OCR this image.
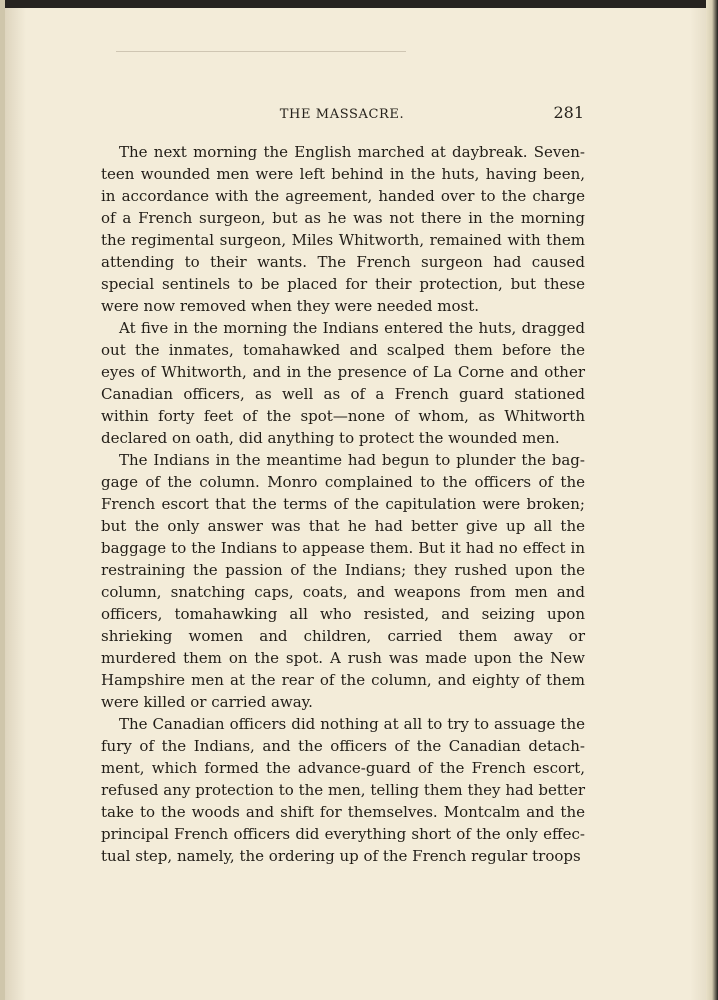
THE MASSACRE.	281

The next morning the English marched at daybreak. Seventeen wounded men were left behind in the huts, having been, in accordance with the agreement, handed over to the charge of a French surgeon, but as he was not there in the morning the regimental surgeon, Miles Whitworth, remained with them attending to their wants. The French surgeon had caused special sentinels to be placed for their protection, but these were now removed when they were needed most.

At five in the morning the Indians entered the huts, dragged out the inmates, tomahawked and scalped them before the eyes of Whitworth, and in the presence of La Corne and other Canadian officers, as well as of a French guard stationed within forty feet of the spot—none of whom, as Whitworth declared on oath, did anything to protect the wounded men.

The Indians in the meantime had begun to plunder the baggage of the column. Monro complained to the officers of the French escort that the terms of the capitulation were broken; but the only answer was that he had better give up all the baggage to the Indians to appease them. But it had no effect in restraining the passion of the Indians; they rushed upon the column, snatching caps, coats, and weapons from men and officers, tomahawking all who resisted, and seizing upon shrieking women and children, carried them away or murdered them on the spot. A rush was made upon the New Hampshire men at the rear of the column, and eighty of them were killed or carried away.

The Canadian officers did nothing at all to try to assuage the fury of the Indians, and the officers of the Canadian detachment, which formed the advance-guard of the French escort, refused any protection to the men, telling them they had better take to the woods and shift for themselves. Montcalm and the principal French officers did everything short of the only effectual step, namely, the ordering up of the French regular troops
